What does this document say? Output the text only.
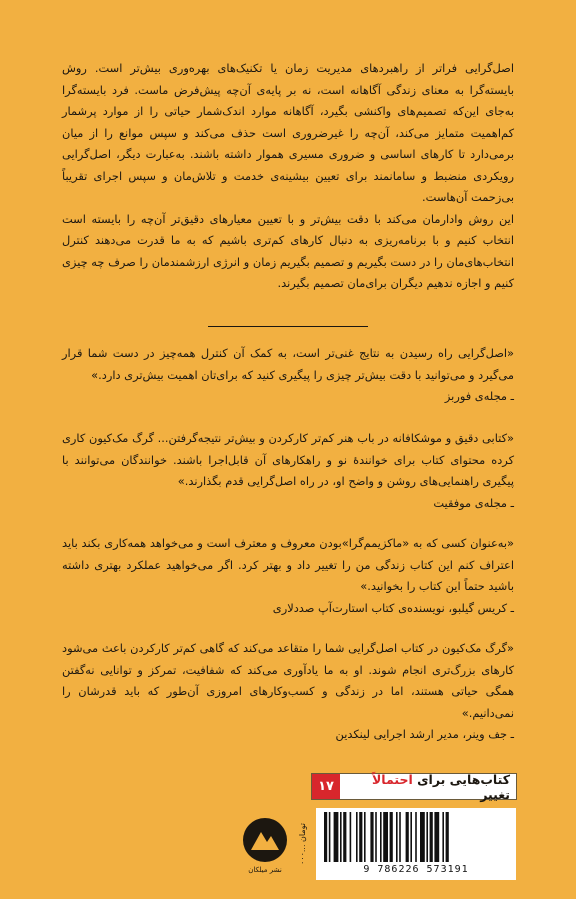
اصل‌گرایی فراتر از راهبردهای مدیریت زمان یا تکنیک‌های بهره‌وری بیش‌تر است. روش بایسته‌گرا به معنای زندگی آگاهانه است، نه بر پایه‌ی آن‌چه پیش‌فرض ماست. فرد بایسته‌گرا به‌جای این‌که تصمیم‌های واکنشی بگیرد، آگاهانه موارد اندک‌شمار حیاتی را از موارد پرشمار کم‌اهمیت متمایز می‌کند، آن‌چه را غیرضروری است حذف می‌کند و سپس موانع را از میان برمی‌دارد تا کارهای اساسی و ضروری مسیری هموار داشته باشند. به‌عبارت دیگر، اصل‌گرایی رویکردی منضبط و سامانمند برای تعیین بیشینه‌ی خدمت و تلاش‌مان و سپس اجرای تقریباً بی‌زحمت آن‌هاست.

این روش وادارمان می‌کند با دقت بیش‌تر و با تعیین معیارهای دقیق‌تر آن‌چه را بایسته است انتخاب کنیم و با برنامه‌ریزی به دنبال کارهای کم‌تری باشیم که به ما قدرت می‌دهند کنترل انتخاب‌های‌مان را در دست بگیریم و تصمیم بگیریم زمان و انرژی ارزشمندمان را صرف چه چیزی کنیم و اجازه ندهیم دیگران برای‌مان تصمیم بگیرند.

«اصل‌گرایی راه رسیدن به نتایج غنی‌تر است، به کمک آن کنترل همه‌چیز در دست شما قرار می‌گیرد و می‌توانید با دقت بیش‌تر چیزی را پیگیری کنید که برای‌تان اهمیت بیش‌تری دارد.»

ـ مجله‌ی فوربز

«کتابی دقیق و موشکافانه در باب هنر کم‌تر کارکردن و بیش‌تر نتیجه‌گرفتن... گرگ مک‌کیون کاری کرده محتوای کتاب برای خوانندهٔ نو و راهکارهای آن قابل‌اجرا باشند. خوانندگان می‌توانند با پیگیری راهنمایی‌های روشن و واضح او، در راه اصل‌گرایی قدم بگذارند.»

ـ مجله‌ی موفقیت

«به‌عنوان کسی که به «ماکزیمم‌گرا»بودن معروف و معترف است و می‌خواهد همه‌کاری بکند باید اعتراف کنم این کتاب زندگی من را تغییر داد و بهتر کرد. اگر می‌خواهید عملکرد بهتری داشته باشید حتماً این کتاب را بخوانید.»

ـ کریس گیلبو، نویسنده‌ی کتاب استارت‌آپ صددلاری

«گرگ مک‌کیون در کتاب اصل‌گرایی شما را متقاعد می‌کند که گاهی کم‌تر کارکردن باعث می‌شود کارهای بزرگ‌تری انجام شوند. او به ما یادآوری می‌کند که شفافیت، تمرکز و توانایی نه‌گفتن همگی حیاتی هستند، اما در زندگی و کسب‌وکارهای امروزی آن‌طور که باید قدرشان را نمی‌دانیم.»

ـ جف وینر، مدیر ارشد اجرایی لینکدین

کتاب‌هایی برای احتمالاً تغییر
۱۷
۰۰۰... تومان
9 786226 573191
نشر میلکان
